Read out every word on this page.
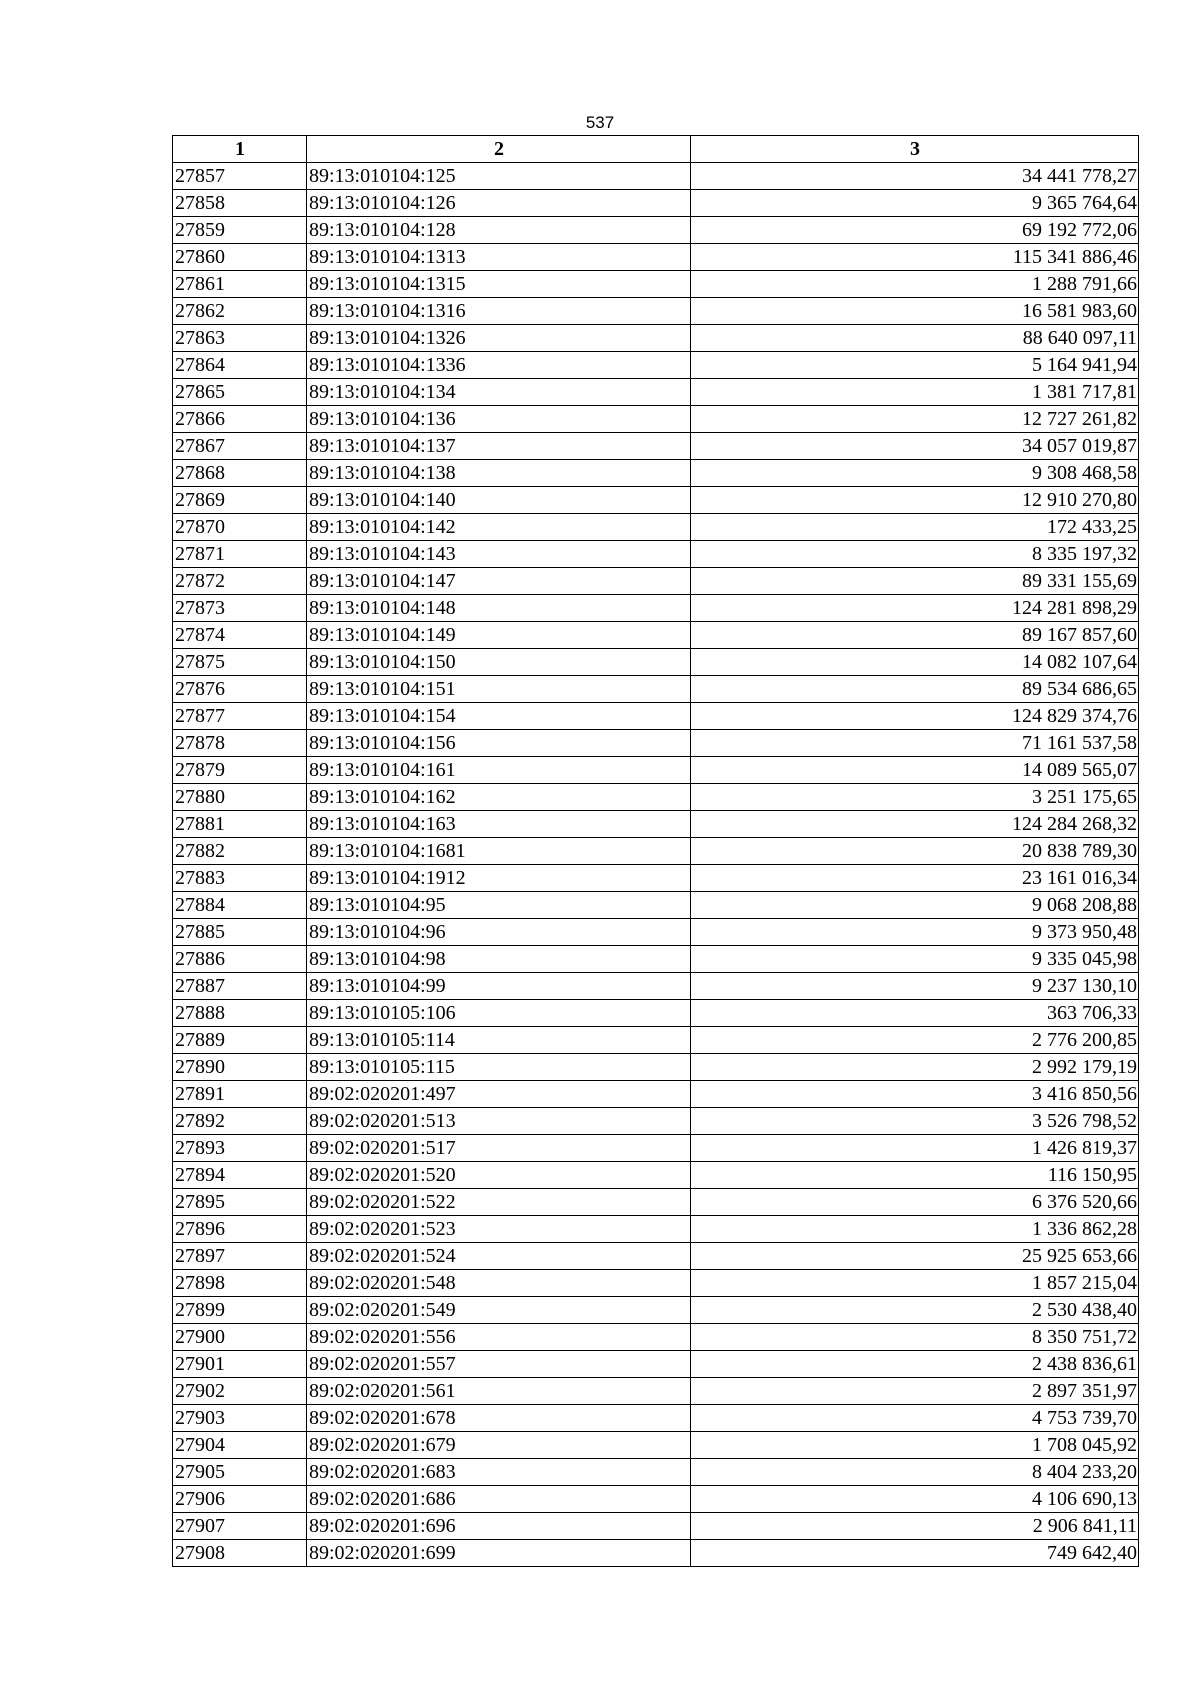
537
1	2	3
27857	89:13:010104:125	34 441 778,27
27858	89:13:010104:126	9 365 764,64
27859	89:13:010104:128	69 192 772,06
27860	89:13:010104:1313	115 341 886,46
27861	89:13:010104:1315	1 288 791,66
27862	89:13:010104:1316	16 581 983,60
27863	89:13:010104:1326	88 640 097,11
27864	89:13:010104:1336	5 164 941,94
27865	89:13:010104:134	1 381 717,81
27866	89:13:010104:136	12 727 261,82
27867	89:13:010104:137	34 057 019,87
27868	89:13:010104:138	9 308 468,58
27869	89:13:010104:140	12 910 270,80
27870	89:13:010104:142	172 433,25
27871	89:13:010104:143	8 335 197,32
27872	89:13:010104:147	89 331 155,69
27873	89:13:010104:148	124 281 898,29
27874	89:13:010104:149	89 167 857,60
27875	89:13:010104:150	14 082 107,64
27876	89:13:010104:151	89 534 686,65
27877	89:13:010104:154	124 829 374,76
27878	89:13:010104:156	71 161 537,58
27879	89:13:010104:161	14 089 565,07
27880	89:13:010104:162	3 251 175,65
27881	89:13:010104:163	124 284 268,32
27882	89:13:010104:1681	20 838 789,30
27883	89:13:010104:1912	23 161 016,34
27884	89:13:010104:95	9 068 208,88
27885	89:13:010104:96	9 373 950,48
27886	89:13:010104:98	9 335 045,98
27887	89:13:010104:99	9 237 130,10
27888	89:13:010105:106	363 706,33
27889	89:13:010105:114	2 776 200,85
27890	89:13:010105:115	2 992 179,19
27891	89:02:020201:497	3 416 850,56
27892	89:02:020201:513	3 526 798,52
27893	89:02:020201:517	1 426 819,37
27894	89:02:020201:520	116 150,95
27895	89:02:020201:522	6 376 520,66
27896	89:02:020201:523	1 336 862,28
27897	89:02:020201:524	25 925 653,66
27898	89:02:020201:548	1 857 215,04
27899	89:02:020201:549	2 530 438,40
27900	89:02:020201:556	8 350 751,72
27901	89:02:020201:557	2 438 836,61
27902	89:02:020201:561	2 897 351,97
27903	89:02:020201:678	4 753 739,70
27904	89:02:020201:679	1 708 045,92
27905	89:02:020201:683	8 404 233,20
27906	89:02:020201:686	4 106 690,13
27907	89:02:020201:696	2 906 841,11
27908	89:02:020201:699	749 642,40
